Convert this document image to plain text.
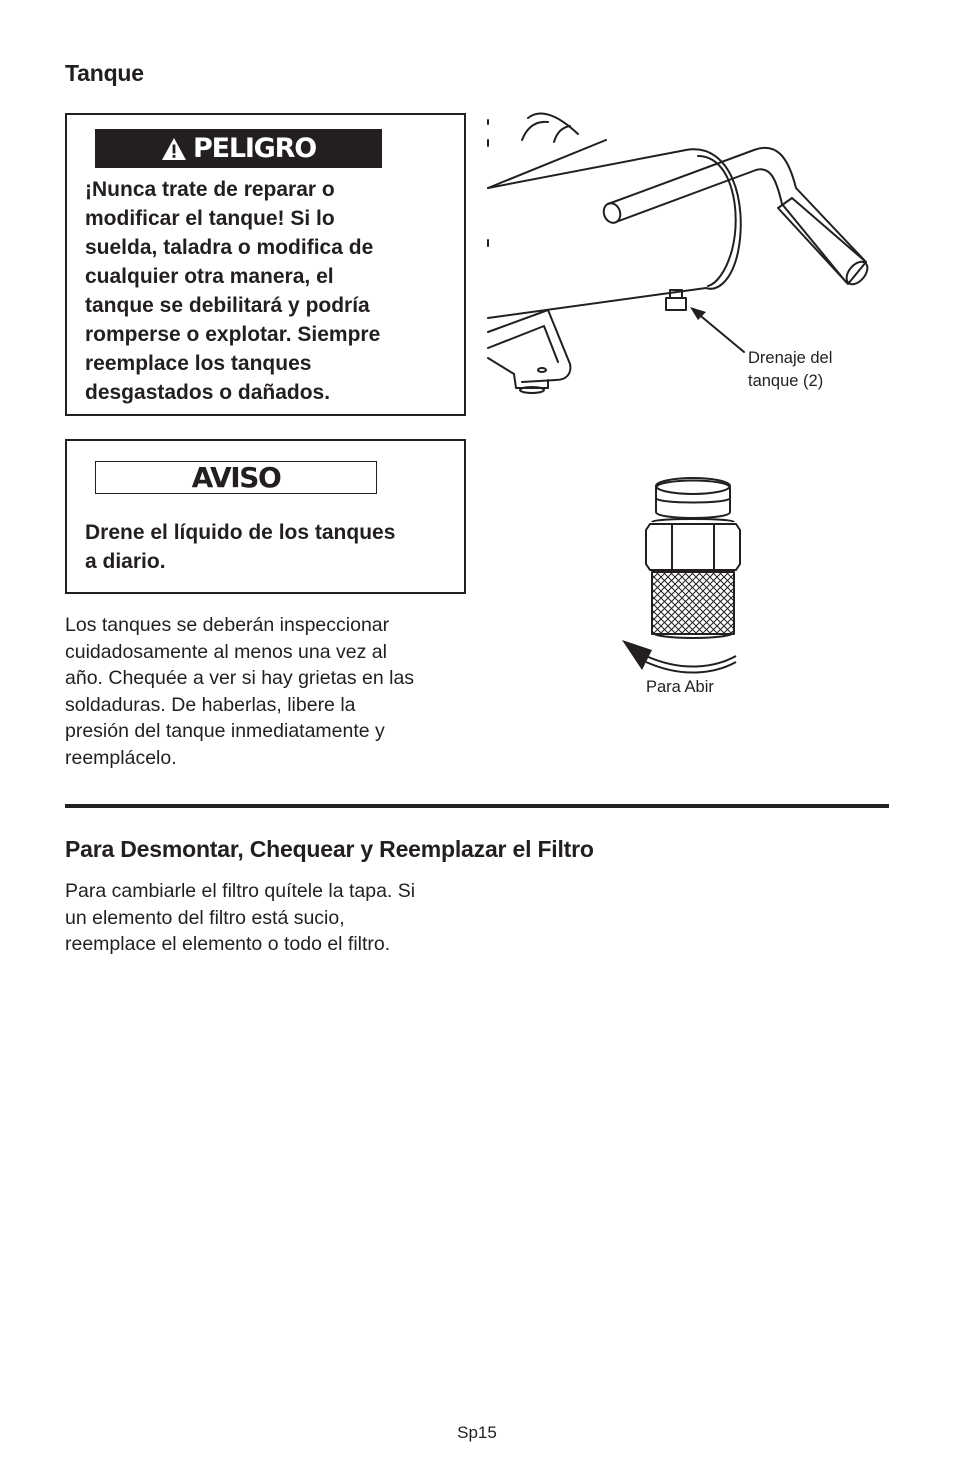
Tanque
PELIGRO
¡Nunca trate de reparar o
modificar el tanque! Si lo
suelda, taladra o modifica de
cualquier otra manera, el
tanque se debilitará y podría
romperse o explotar. Siempre
reemplace los tanques
desgastados o dañados.
AVISO
Drene el líquido de los tanques
a diario.
Los tanques se deberán inspeccionar
cuidadosamente al menos una vez al
año. Chequée a ver si hay grietas en las
soldaduras. De haberlas, libere la
presión del tanque inmediatamente y
reemplácelo.
Drenaje del
tanque (2)
Para Abir
Para Desmontar, Chequear y Reemplazar el Filtro
Para cambiarle el filtro quítele la tapa. Si
un elemento del filtro está sucio,
reemplace el elemento o todo el filtro.
Sp15
